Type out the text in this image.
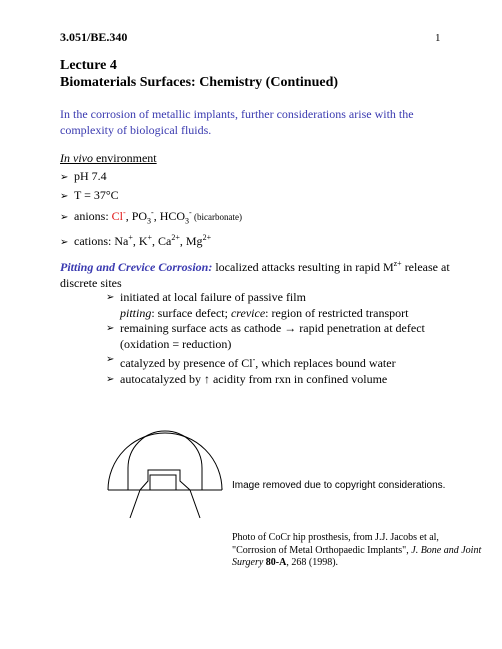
3.051/BE.340	1
Lecture 4
Biomaterials Surfaces: Chemistry (Continued)
In the corrosion of metallic implants, further considerations arise with the complexity of biological fluids.
In vivo environment
➢ pH 7.4
➢ T = 37°C
➢ anions: Cl-, $PO_3^-$, $HCO_3^-$ (bicarbonate)
➢ cations: Na+, K+, $Ca^{2+}$, $Mg^{2+}$
Pitting and Crevice Corrosion: localized attacks resulting in rapid $M^{z+}$ release at discrete sites
➢ initiated at local failure of passive film
pitting: surface defect; crevice: region of restricted transport
➢ remaining surface acts as cathode → rapid penetration at defect (oxidation = reduction)
➢ catalyzed by presence of Cl-, which replaces bound water
➢ autocatalyzed by ↑ acidity from rxn in confined volume
Image removed due to copyright considerations.
Photo of CoCr hip prosthesis, from J.J. Jacobs et al, "Corrosion of Metal Orthopaedic Implants", J. Bone and Joint Surgery 80-A, 268 (1998).
